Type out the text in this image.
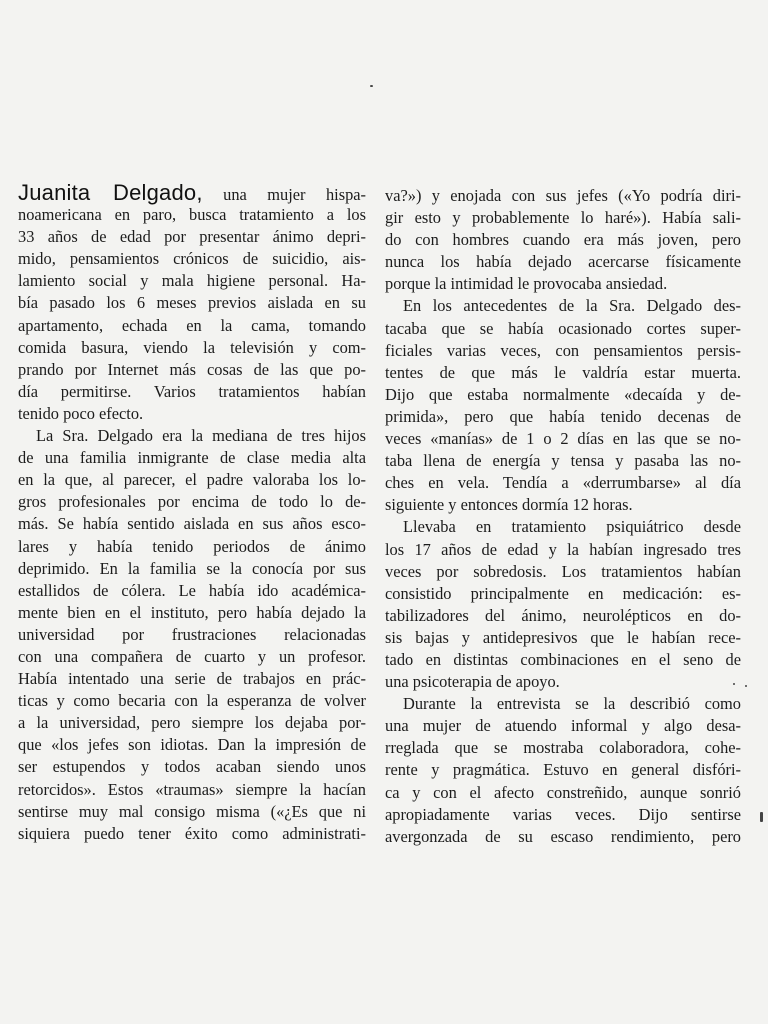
Juanita Delgado, una mujer hispa-
noamericana en paro, busca tratamiento a los
33 años de edad por presentar ánimo depri-
mido, pensamientos crónicos de suicidio, ais-
lamiento social y mala higiene personal. Ha-
bía pasado los 6 meses previos aislada en su
apartamento, echada en la cama, tomando
comida basura, viendo la televisión y com-
prando por Internet más cosas de las que po-
día permitirse. Varios tratamientos habían
tenido poco efecto.
La Sra. Delgado era la mediana de tres hijos
de una familia inmigrante de clase media alta
en la que, al parecer, el padre valoraba los lo-
gros profesionales por encima de todo lo de-
más. Se había sentido aislada en sus años esco-
lares y había tenido periodos de ánimo
deprimido. En la familia se la conocía por sus
estallidos de cólera. Le había ido académica-
mente bien en el instituto, pero había dejado la
universidad por frustraciones relacionadas
con una compañera de cuarto y un profesor.
Había intentado una serie de trabajos en prác-
ticas y como becaria con la esperanza de volver
a la universidad, pero siempre los dejaba por-
que «los jefes son idiotas. Dan la impresión de
ser estupendos y todos acaban siendo unos
retorcidos». Estos «traumas» siempre la hacían
sentirse muy mal consigo misma («¿Es que ni
siquiera puedo tener éxito como administrati-
va?») y enojada con sus jefes («Yo podría diri-
gir esto y probablemente lo haré»). Había sali-
do con hombres cuando era más joven, pero
nunca los había dejado acercarse físicamente
porque la intimidad le provocaba ansiedad.
En los antecedentes de la Sra. Delgado des-
tacaba que se había ocasionado cortes super-
ficiales varias veces, con pensamientos persis-
tentes de que más le valdría estar muerta.
Dijo que estaba normalmente «decaída y de-
primida», pero que había tenido decenas de
veces «manías» de 1 o 2 días en las que se no-
taba llena de energía y tensa y pasaba las no-
ches en vela. Tendía a «derrumbarse» al día
siguiente y entonces dormía 12 horas.
Llevaba en tratamiento psiquiátrico desde
los 17 años de edad y la habían ingresado tres
veces por sobredosis. Los tratamientos habían
consistido principalmente en medicación: es-
tabilizadores del ánimo, neurolépticos en do-
sis bajas y antidepresivos que le habían rece-
tado en distintas combinaciones en el seno de
una psicoterapia de apoyo.
Durante la entrevista se la describió como
una mujer de atuendo informal y algo desa-
rreglada que se mostraba colaboradora, cohe-
rente y pragmática. Estuvo en general disfóri-
ca y con el afecto constreñido, aunque sonrió
apropiadamente varias veces. Dijo sentirse
avergonzada de su escaso rendimiento, pero
